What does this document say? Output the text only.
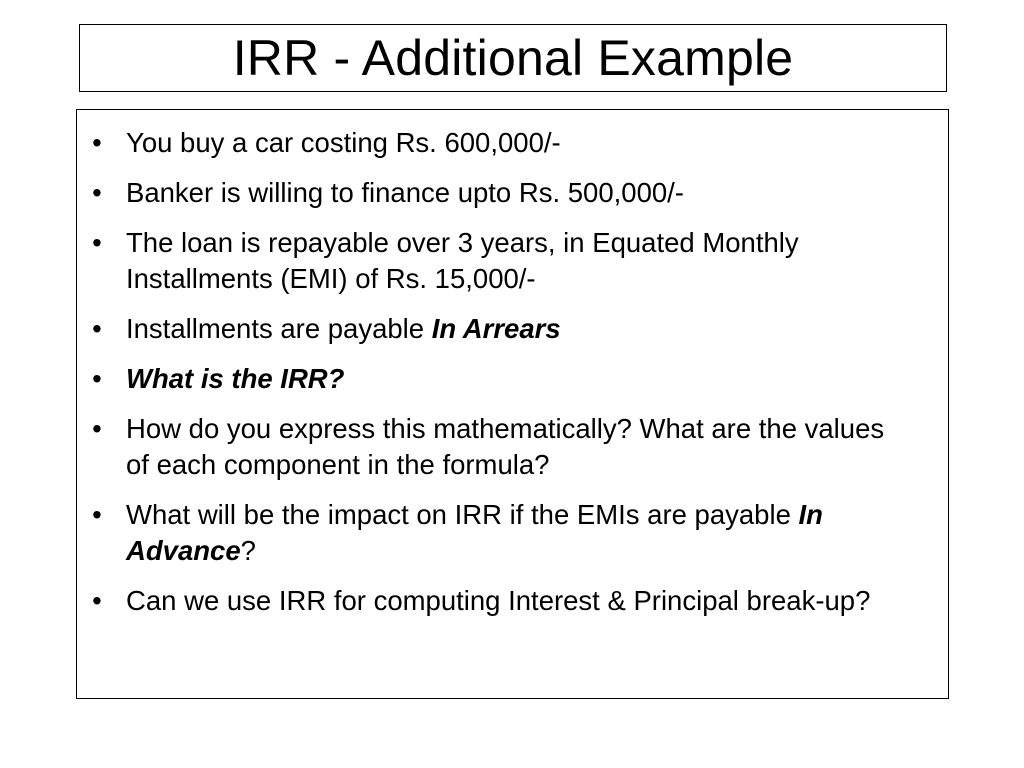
IRR - Additional Example
• You buy a car costing Rs. 600,000/-
• Banker is willing to finance upto Rs. 500,000/-
• The loan is repayable over 3 years, in Equated Monthly Installments (EMI) of Rs. 15,000/-
• Installments are payable In Arrears
• What is the IRR?
• How do you express this mathematically? What are the values of each component in the formula?
• What will be the impact on IRR if the EMIs are payable In Advance?
• Can we use IRR for computing Interest & Principal break-up?
